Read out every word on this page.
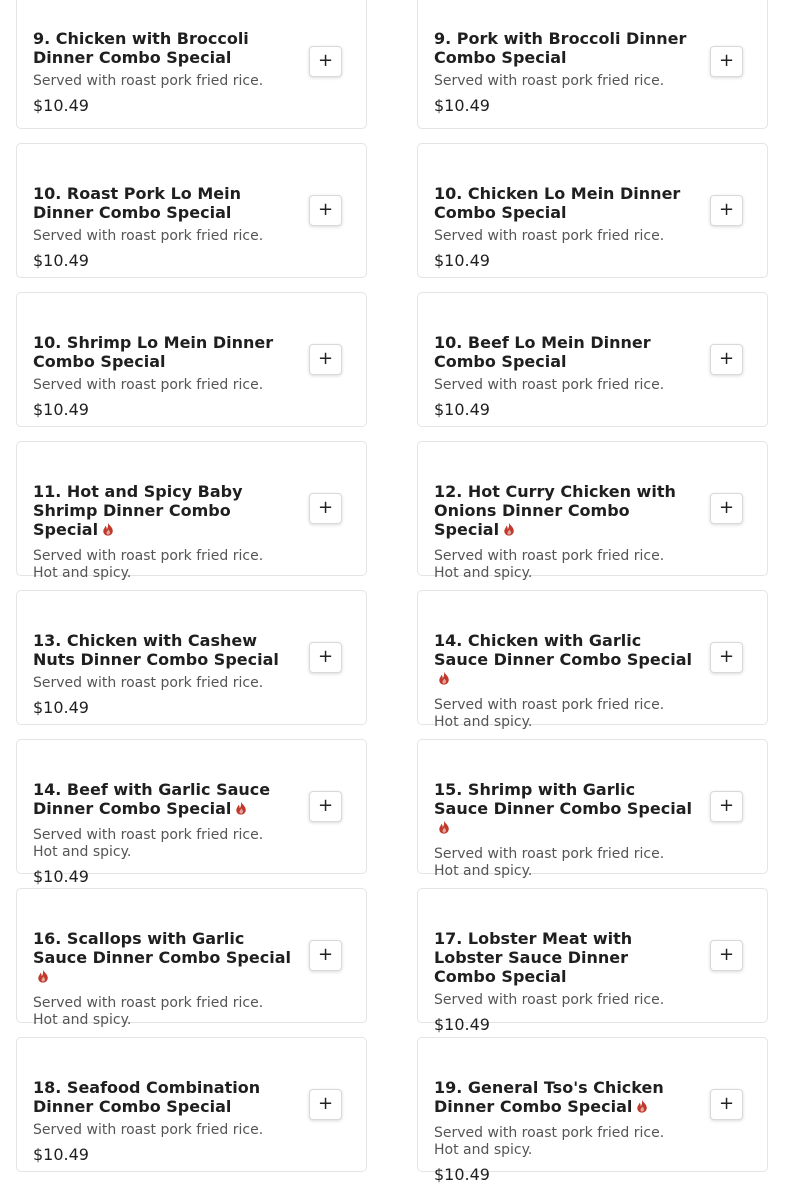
9. Chicken with Broccoli Dinner Combo Special
Served with roast pork fried rice.
$10.49
+
9. Pork with Broccoli Dinner Combo Special
Served with roast pork fried rice.
$10.49
+
10. Roast Pork Lo Mein Dinner Combo Special
Served with roast pork fried rice.
$10.49
+
10. Chicken Lo Mein Dinner Combo Special
Served with roast pork fried rice.
$10.49
+
10. Shrimp Lo Mein Dinner Combo Special
Served with roast pork fried rice.
$10.49
+
10. Beef Lo Mein Dinner Combo Special
Served with roast pork fried rice.
$10.49
+
11. Hot and Spicy Baby Shrimp Dinner Combo Special
Served with roast pork fried rice. Hot and spicy.
+
12. Hot Curry Chicken with Onions Dinner Combo Special
Served with roast pork fried rice. Hot and spicy.
+
13. Chicken with Cashew Nuts Dinner Combo Special
Served with roast pork fried rice.
$10.49
+
14. Chicken with Garlic Sauce Dinner Combo Special
Served with roast pork fried rice. Hot and spicy.
+
14. Beef with Garlic Sauce Dinner Combo Special
Served with roast pork fried rice. Hot and spicy.
$10.49
+
15. Shrimp with Garlic Sauce Dinner Combo Special
Served with roast pork fried rice. Hot and spicy.
+
16. Scallops with Garlic Sauce Dinner Combo Special
Served with roast pork fried rice. Hot and spicy.
+
17. Lobster Meat with Lobster Sauce Dinner Combo Special
Served with roast pork fried rice.
$10.49
+
18. Seafood Combination Dinner Combo Special
Served with roast pork fried rice.
$10.49
+
19. General Tso's Chicken Dinner Combo Special
Served with roast pork fried rice. Hot and spicy.
$10.49
+
